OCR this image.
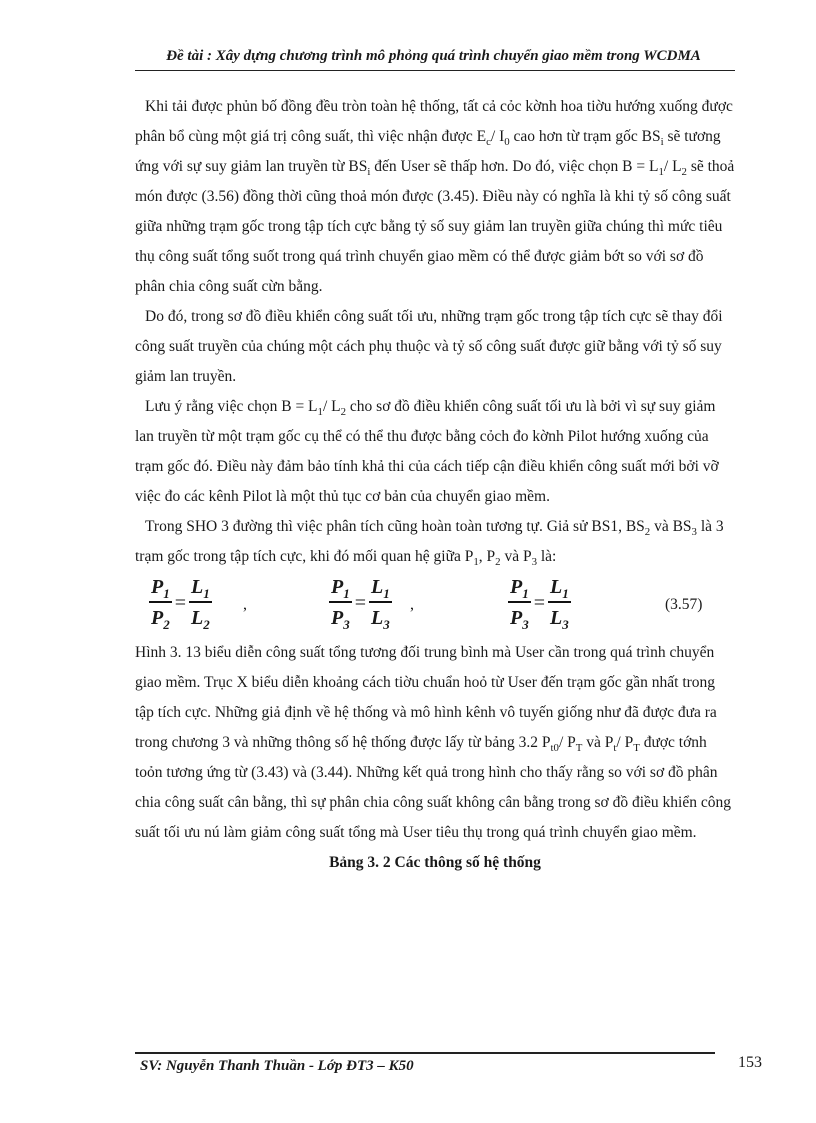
Đề tài : Xây dựng chương trình mô phỏng quá trình chuyển giao mềm trong WCDMA

Khi tải được phủn bố đồng đều tròn toàn hệ thống, tất cả cỏc kờnh hoa tiờu hướng xuống được phân bổ cùng một giá trị công suất, thì việc nhận được $E_c/$ $I_0$ cao hơn từ trạm gốc $BS_i$ sẽ tương ứng với sự suy giảm lan truyền từ $BS_i$ đến User sẽ thấp hơn. Do đó, việc chọn $B = L_1/$ $L_2$ sẽ thoả món được (3.56) đồng thời cũng thoả món được (3.45). Điều này có nghĩa là khi tỷ số công suất giữa những trạm gốc trong tập tích cực bằng tỷ số suy giảm lan truyền giữa chúng thì mức tiêu thụ công suất tổng suốt trong quá trình chuyển giao mềm có thể được giảm bớt so với sơ đồ phân chia công suất cừn bằng.

Do đó, trong sơ đồ điều khiển công suất tối ưu, những trạm gốc trong tập tích cực sẽ thay đổi công suất truyền của chúng một cách phụ thuộc và tỷ số công suất được giữ bằng với tỷ số suy giảm lan truyền.

Lưu ý rằng việc chọn $B = L_1/$ $L_2$ cho sơ đồ điều khiển công suất tối ưu là bởi vì sự suy giảm lan truyền từ một trạm gốc cụ thể có thể thu được bằng cỏch đo kờnh Pilot hướng xuống của trạm gốc đó. Điều này đảm bảo tính khả thi của cách tiếp cận điều khiển công suất mới bởi vỡ việc đo các kênh Pilot là một thủ tục cơ bản của chuyển giao mềm.

Trong SHO 3 đường thì việc phân tích cũng hoàn toàn tương tự. Giả sử BS1, $BS_2$ và $BS_3$ là 3 trạm gốc trong tập tích cực, khi đó mối quan hệ giữa $P_1$, $P_2$ và $P_3$ là:

$\frac{P_1}{P_2} = \frac{L_1}{L_2}$ ,	$\frac{P_1}{P_3} = \frac{L_1}{L_3}$ ,	$\frac{P_1}{P_3} = \frac{L_1}{L_3}$	(3.57)

Hình 3. 13 biểu diễn công suất tổng tương đối trung bình mà User cần trong quá trình chuyển giao mềm. Trục X biểu diễn khoảng cách tiờu chuẩn hoỏ từ User đến trạm gốc gần nhất trong tập tích cực. Những giả định về hệ thống và mô hình kênh vô tuyến giống như đã được đưa ra trong chương 3 và những thông số hệ thống được lấy từ bảng 3.2 $P_{t0}/$ $P_T$ và $P_t/$ $P_T$ được tớnh toỏn tương ứng từ (3.43) và (3.44). Những kết quả trong hình cho thấy rằng so với sơ đồ phân chia công suất cân bằng, thì sự phân chia công suất không cân bằng trong sơ đồ điều khiển công suất tối ưu nú làm giảm công suất tổng mà User tiêu thụ trong quá trình chuyển giao mềm.

Bảng 3. 2 Các thông số hệ thống

SV: Nguyễn Thanh Thuần - Lớp ĐT3 – K50	153
